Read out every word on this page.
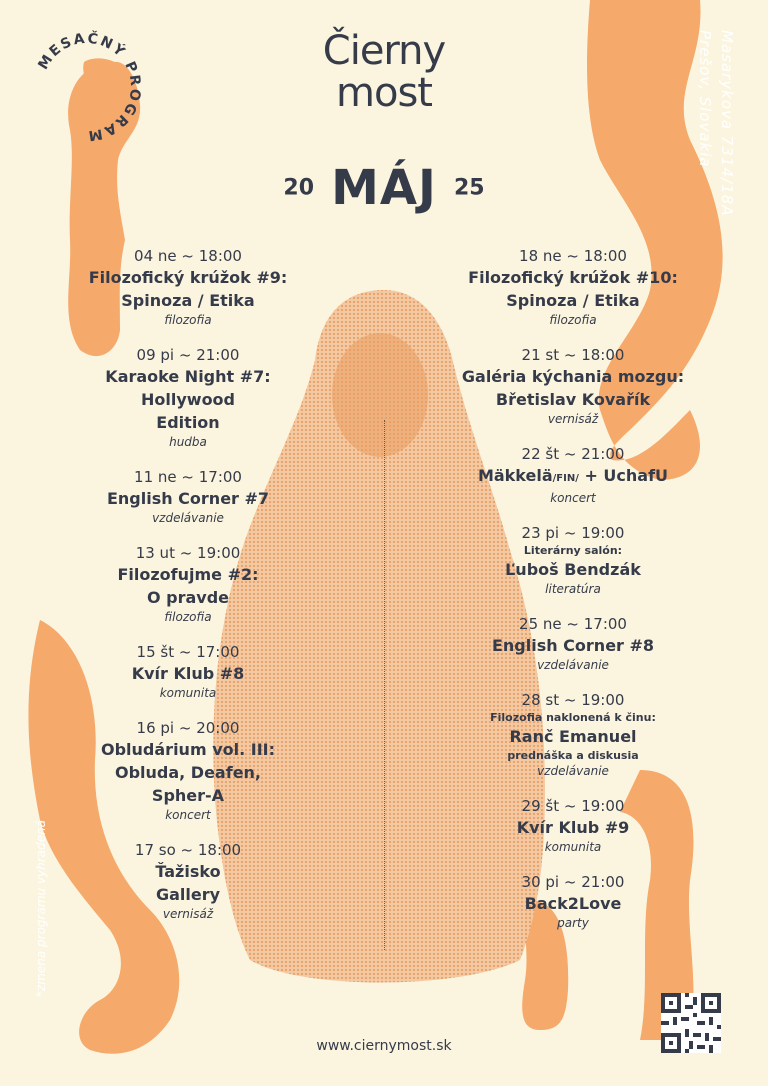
MESAČNÝ PROGRAM
Čierny
most
20 MÁJ 25	Masarykova 7314/18A
Prešov, Slovakia
*zmena programu vyhradená
04 ne ~ 18:00
Filozofický krúžok #9:
Spinoza / Etika
filozofia
09 pi ~ 21:00
Karaoke Night #7:
Hollywood
Edition
hudba
11 ne ~ 17:00
English Corner #7
vzdelávanie
13 ut ~ 19:00
Filozofujme #2:
O pravde
filozofia
15 št ~ 17:00
Kvír Klub #8
komunita
16 pi ~ 20:00
Obludárium vol. III:
Obluda, Deafen,
Spher-A
koncert
17 so ~ 18:00
Ťažisko
Gallery
vernisáž
18 ne ~ 18:00
Filozofický krúžok #10:
Spinoza / Etika
filozofia
21 st ~ 18:00
Galéria kýchania mozgu:
Břetislav Kovařík
vernisáž
22 št ~ 21:00
Mäkkelä/FIN/ + UchafU
koncert
23 pi ~ 19:00
Literárny salón:
Ľuboš Bendzák
literatúra
25 ne ~ 17:00
English Corner #8
vzdelávanie
28 st ~ 19:00
Filozofia naklonená k činu:
Ranč Emanuel
prednáška a diskusia
vzdelávanie
29 št ~ 19:00
Kvír Klub #9
komunita
30 pi ~ 21:00
Back2Love
party
www.ciernymost.sk
